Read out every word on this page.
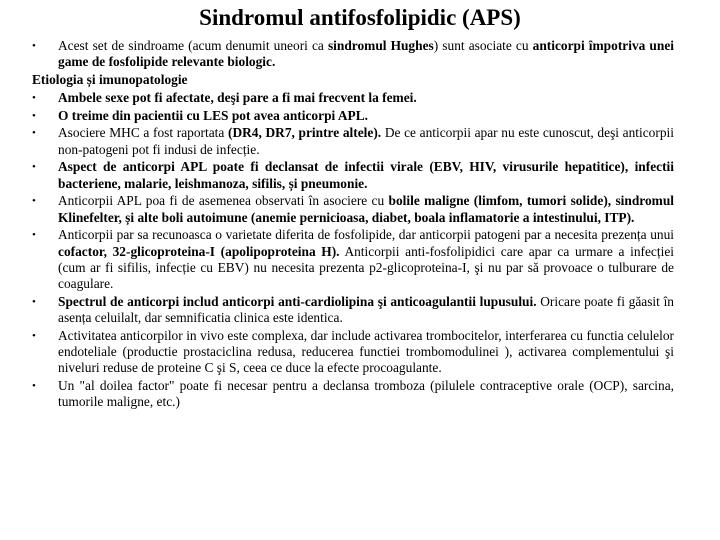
Sindromul antifosfolipidic (APS)
• Acest set de sindroame (acum denumit uneori ca sindromul Hughes) sunt asociate cu anticorpi împotriva unei game de fosfolipide relevante biologic.
Etiologia și imunopatologie
• Ambele sexe pot fi afectate, deşi pare a fi mai frecvent la femei.
• O treime din pacientii cu LES pot avea anticorpi APL.
• Asociere MHC a fost raportata (DR4, DR7, printre altele). De ce anticorpii apar nu este cunoscut, deşi anticorpii non-patogeni pot fi indusi de infecție.
• Aspect de anticorpi APL poate fi declansat de infectii virale (EBV, HIV, virusurile hepatitice), infectii bacteriene, malarie, leishmanoza, sifilis, și pneumonie.
• Anticorpii APL poa fi de asemenea observati în asociere cu bolile maligne (limfom, tumori solide), sindromul Klinefelter, și alte boli autoimune (anemie pernicioasa, diabet, boala inflamatorie a intestinului, ITP).
• Anticorpii par sa recunoasca o varietate diferita de fosfolipide, dar anticorpii patogeni par a necesita prezența unui cofactor, 32-glicoproteina-I (apolipoproteina H). Anticorpii anti-fosfolipidici care apar ca urmare a infecției (cum ar fi sifilis, infecție cu EBV) nu necesita prezenta p2-glicoproteina-I, şi nu par să provoace o tulburare de coagulare.
• Spectrul de anticorpi includ anticorpi anti-cardiolipina şi anticoagulantii lupusului. Oricare poate fi găasit în asența celuilalt, dar semnificatia clinica este identica.
• Activitatea anticorpilor in vivo este complexa, dar include activarea trombocitelor, interferarea cu functia celulelor endoteliale (productie prostaciclina redusa, reducerea functiei trombomodulinei ), activarea complementului şi niveluri reduse de proteine C şi S, ceea ce duce la efecte procoagulante.
• Un "al doilea factor" poate fi necesar pentru a declansa tromboza (pilulele contraceptive orale (OCP), sarcina, tumorile maligne, etc.)
